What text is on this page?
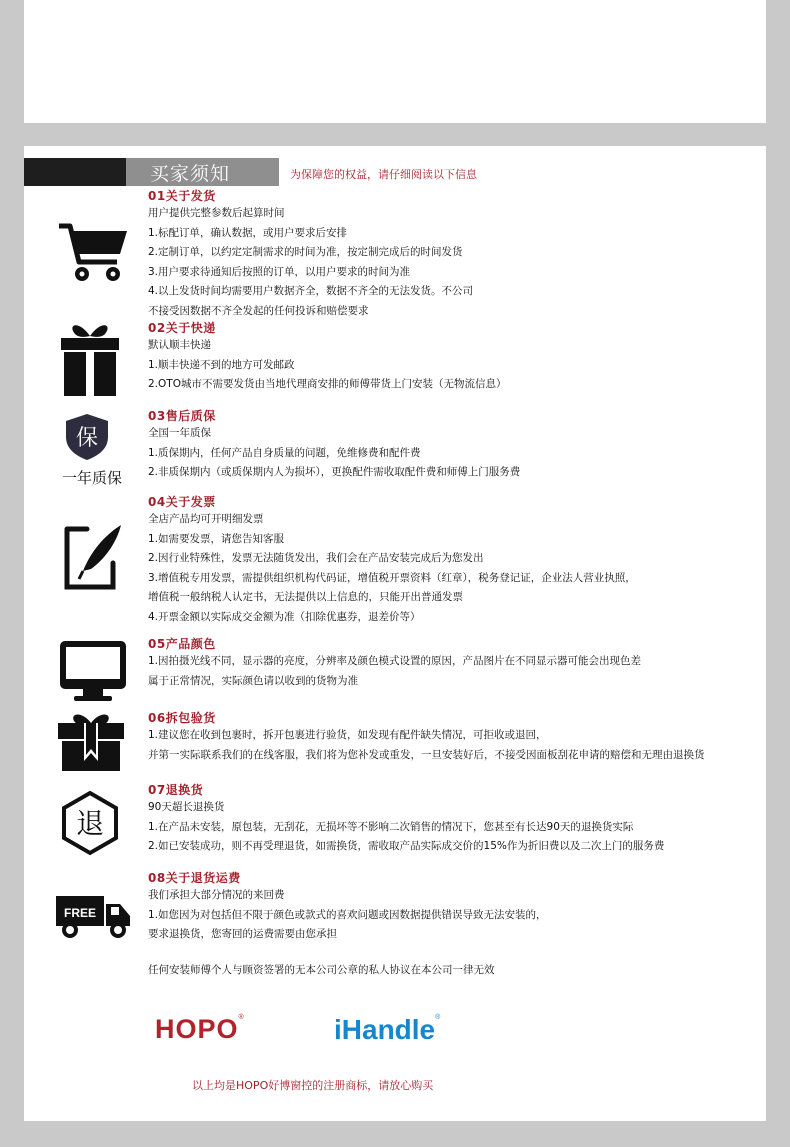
买家须知	为保障您的权益，请仔细阅读以下信息
保
一年质保
退
FREE
01关于发货
用户提供完整参数后起算时间
1.标配订单，确认数据，或用户要求后安排
2.定制订单，以约定定制需求的时间为准，按定制完成后的时间发货
3.用户要求待通知后按照的订单，以用户要求的时间为准
4.以上发货时间均需要用户数据齐全，数据不齐全的无法发货。不公司
不接受因数据不齐全发起的任何投诉和赔偿要求
02关于快递
默认顺丰快递
1.顺丰快递不到的地方可发邮政
2.OTO城市不需要发货由当地代理商安排的师傅带货上门安装（无物流信息）
03售后质保
全国一年质保
1.质保期内，任何产品自身质量的问题，免维修费和配件费
2.非质保期内（或质保期内人为损坏），更换配件需收取配件费和师傅上门服务费
04关于发票
全店产品均可开明细发票
1.如需要发票，请您告知客服
2.因行业特殊性，发票无法随货发出，我们会在产品安装完成后为您发出
3.增值税专用发票，需提供组织机构代码证，增值税开票资料（红章），税务登记证，企业法人营业执照，
增值税一般纳税人认定书，无法提供以上信息的，只能开出普通发票
4.开票金额以实际成交金额为准（扣除优惠券，退差价等）
05产品颜色
1.因拍摄光线不同，显示器的亮度，分辨率及颜色模式设置的原因，产品图片在不同显示器可能会出现色差
属于正常情况，实际颜色请以收到的货物为准
06拆包验货
1.建议您在收到包裹时，拆开包裹进行验货，如发现有配件缺失情况，可拒收或退回，
并第一实际联系我们的在线客服，我们将为您补发或重发，一旦安装好后，不接受因面板刮花申请的赔偿和无理由退换货
07退换货
90天超长退换货
1.在产品未安装，原包装，无刮花，无损坏等不影响二次销售的情况下，您甚至有长达90天的退换货实际
2.如已安装成功，则不再受理退货，如需换货，需收取产品实际成交价的15%作为折旧费以及二次上门的服务费
08关于退货运费
我们承担大部分情况的来回费
1.如您因为对包括但不限于颜色或款式的喜欢问题或因数据提供错误导致无法安装的，
要求退换货，您寄回的运费需要由您承担
任何安装师傅个人与顾资签署的无本公司公章的私人协议在本公司一律无效
HOPO®	iHandle®
以上均是HOPO好博窗控的注册商标，请放心购买
